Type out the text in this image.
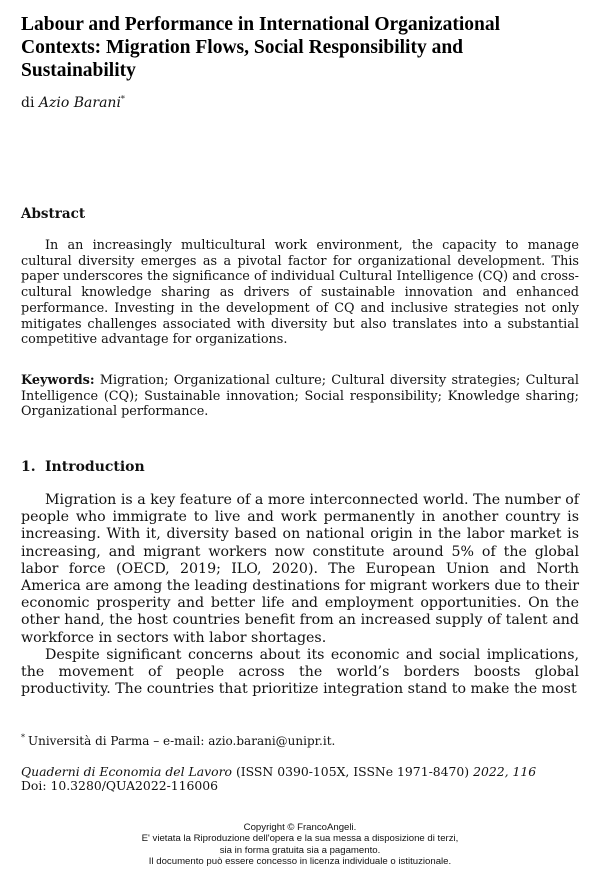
Labour and Performance in International Organizational Contexts: Migration Flows, Social Responsibility and Sustainability

di Azio Barani*

Abstract

In an increasingly multicultural work environment, the capacity to manage cultural diversity emerges as a pivotal factor for organizational development. This paper underscores the significance of individual Cultural Intelligence (CQ) and cross-cultural knowledge sharing as drivers of sustainable innovation and enhanced performance. Investing in the development of CQ and inclusive strategies not only mitigates challenges associated with diversity but also translates into a substantial competitive advantage for organizations.

Keywords: Migration; Organizational culture; Cultural diversity strategies; Cultural Intelligence (CQ); Sustainable innovation; Social responsibility; Knowledge sharing; Organizational performance.

1. Introduction

Migration is a key feature of a more interconnected world. The number of people who immigrate to live and work permanently in another country is increasing. With it, diversity based on national origin in the labor market is increasing, and migrant workers now constitute around 5% of the global labor force (OECD, 2019; ILO, 2020). The European Union and North America are among the leading destinations for migrant workers due to their economic prosperity and better life and employment opportunities. On the other hand, the host countries benefit from an increased supply of talent and workforce in sectors with labor shortages.

Despite significant concerns about its economic and social implications, the movement of people across the world’s borders boosts global productivity. The countries that prioritize integration stand to make the most

* Università di Parma – e-mail: azio.barani@unipr.it.

Quaderni di Economia del Lavoro (ISSN 0390-105X, ISSNe 1971-8470) 2022, 116
Doi: 10.3280/QUA2022-116006
Copyright © FrancoAngeli.
E' vietata la Riproduzione dell'opera e la sua messa a disposizione di terzi,
sia in forma gratuita sia a pagamento.
Il documento può essere concesso in licenza individuale o istituzionale.
